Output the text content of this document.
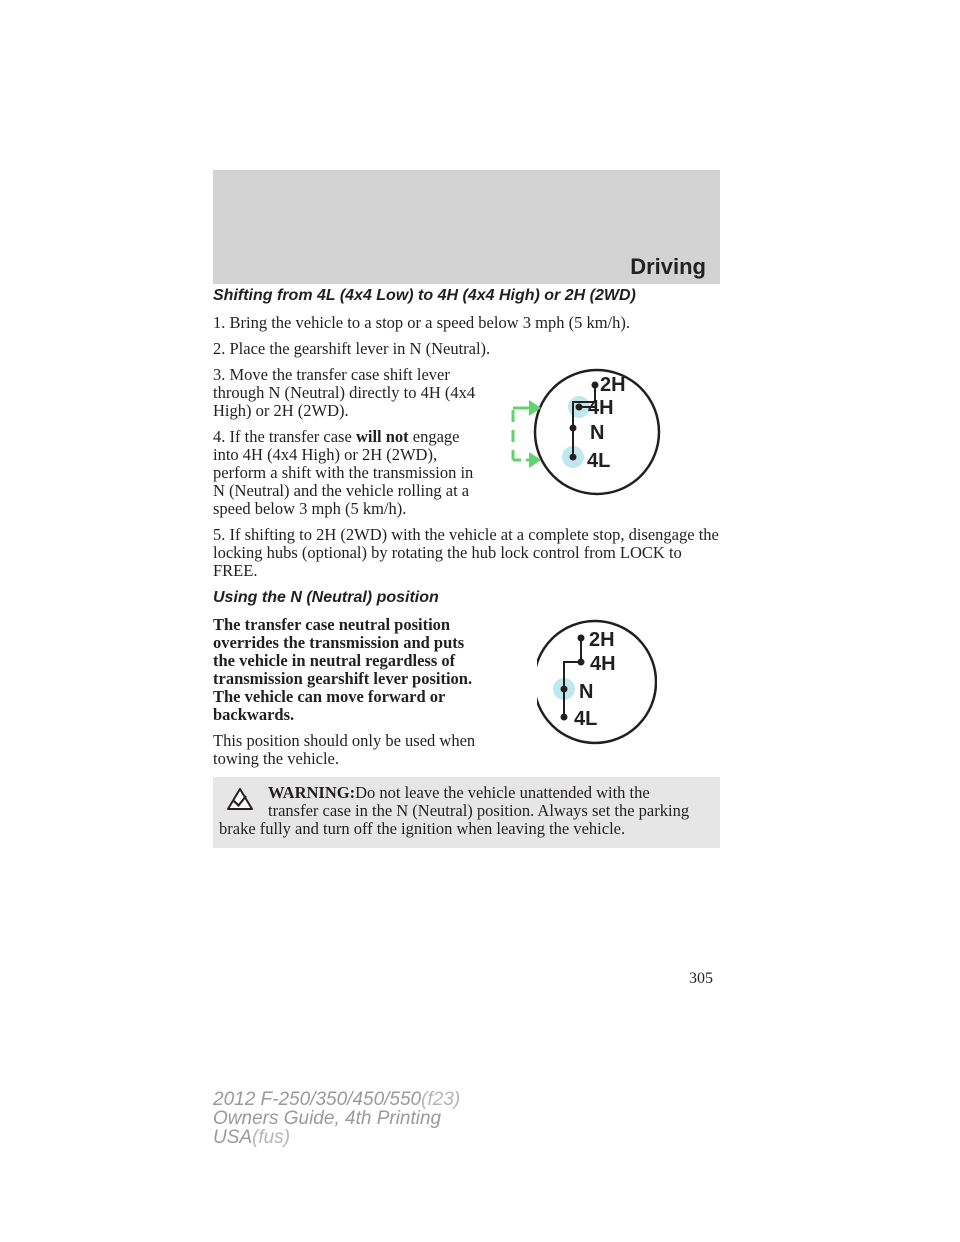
Driving
Shifting from 4L (4x4 Low) to 4H (4x4 High) or 2H (2WD)

1. Bring the vehicle to a stop or a speed below 3 mph (5 km/h).

2. Place the gearshift lever in N (Neutral).

3. Move the transfer case shift lever through N (Neutral) directly to 4H (4x4 High) or 2H (2WD).

4. If the transfer case will not engage into 4H (4x4 High) or 2H (2WD), perform a shift with the transmission in N (Neutral) and the vehicle rolling at a speed below 3 mph (5 km/h).

2H
4H
N
4L

5. If shifting to 2H (2WD) with the vehicle at a complete stop, disengage the locking hubs (optional) by rotating the hub lock control from LOCK to FREE.

Using the N (Neutral) position

The transfer case neutral position overrides the transmission and puts the vehicle in neutral regardless of transmission gearshift lever position. The vehicle can move forward or backwards.

This position should only be used when towing the vehicle.

2H
4H
N
4L
WARNING:Do not leave the vehicle unattended with the
transfer case in the N (Neutral) position. Always set the parking brake fully and turn off the ignition when leaving the vehicle.
305
2012 F-250/350/450/550(f23)
Owners Guide, 4th Printing
USA(fus)
